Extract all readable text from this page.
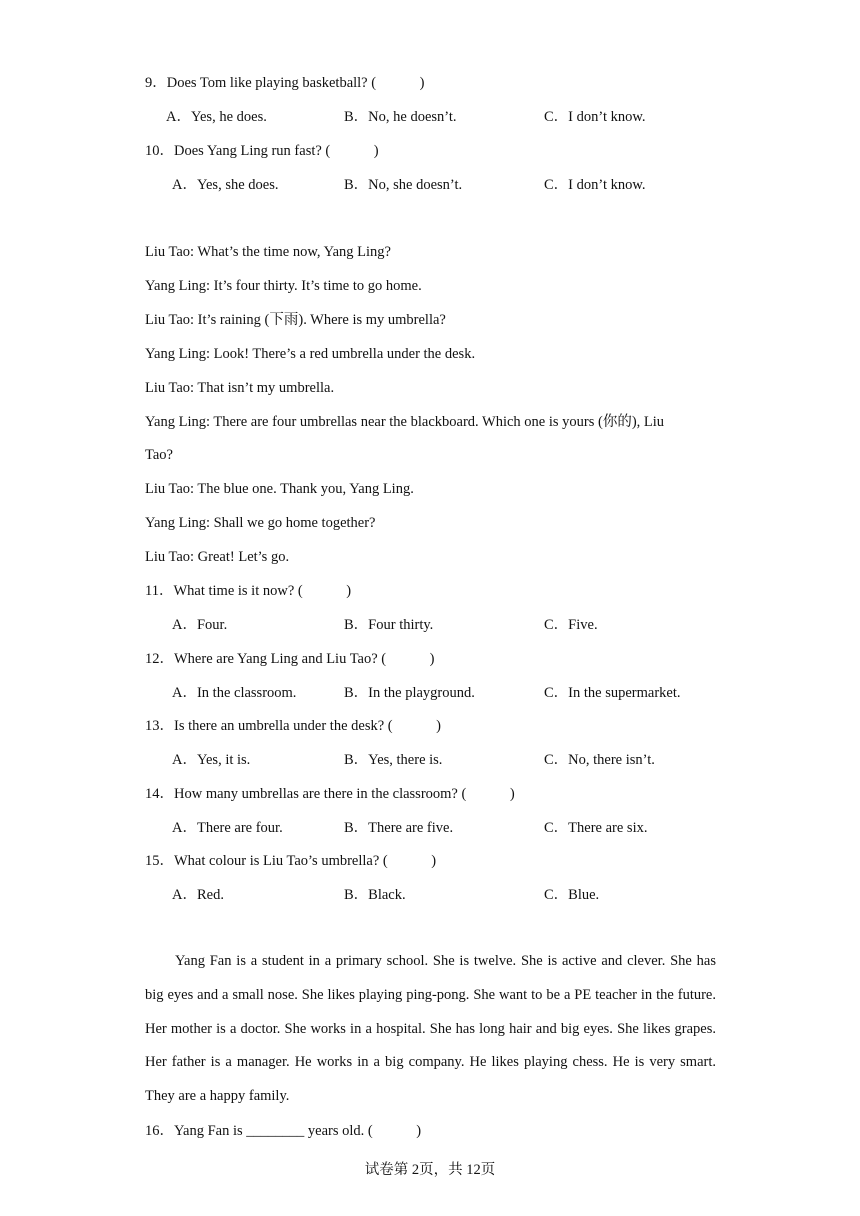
9．Does Tom like playing basketball? (　　　)
A．Yes, he does.	B．No, he doesn’t.	C．I don’t know.
10．Does Yang Ling run fast? (　　　)
A．Yes, she does.	B．No, she doesn’t.	C．I don’t know.
Liu Tao: What’s the time now, Yang Ling?
Yang Ling: It’s four thirty. It’s time to go home.
Liu Tao: It’s raining (下雨). Where is my umbrella?
Yang Ling: Look! There’s a red umbrella under the desk.
Liu Tao: That isn’t my umbrella.
Yang Ling: There are four umbrellas near the blackboard. Which one is yours (你的), Liu
Tao?
Liu Tao: The blue one. Thank you, Yang Ling.
Yang Ling: Shall we go home together?
Liu Tao: Great! Let’s go.
11．What time is it now? (　　　)
A．Four.	B．Four thirty.	C．Five.
12．Where are Yang Ling and Liu Tao? (　　　)
A．In the classroom.	B．In the playground.	C．In the supermarket.
13．Is there an umbrella under the desk? (　　　)
A．Yes, it is.	B．Yes, there is.	C．No, there isn’t.
14．How many umbrellas are there in the classroom? (　　　)
A．There are four.	B．There are five.	C．There are six.
15．What colour is Liu Tao’s umbrella? (　　　)
A．Red.	B．Black.	C．Blue.
Yang Fan is a student in a primary school. She is twelve. She is active and clever. She has big eyes and a small nose. She likes playing ping-pong. She want to be a PE teacher in the future. Her mother is a doctor. She works in a hospital. She has long hair and big eyes. She likes grapes. Her father is a manager. He works in a big company. He likes playing chess. He is very smart. They are a happy family.
16．Yang Fan is ________ years old. (　　　)
试卷第 2页，共 12页
